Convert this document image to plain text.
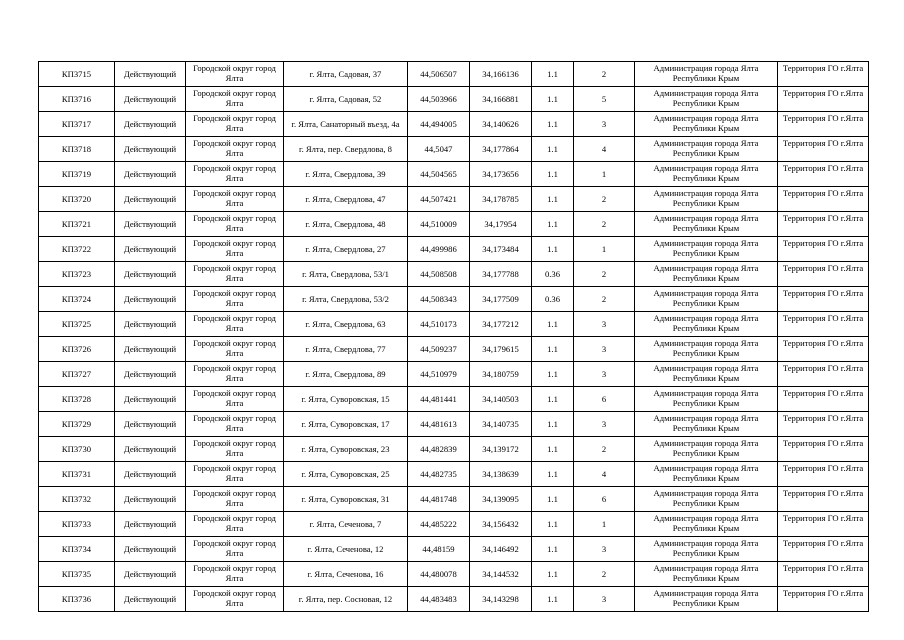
КП3715	Действующий	Городской округ город Ялта	г. Ялта, Садовая, 37	44,506507	34,166136	1.1	2	Администрация города Ялта Республики Крым	Территория ГО г.Ялта
КП3716	Действующий	Городской округ город Ялта	г. Ялта, Садовая, 52	44,503966	34,166881	1.1	5	Администрация города Ялта Республики Крым	Территория ГО г.Ялта
КП3717	Действующий	Городской округ город Ялта	г. Ялта, Санаторный въезд, 4а	44,494005	34,140626	1.1	3	Администрация города Ялта Республики Крым	Территория ГО г.Ялта
КП3718	Действующий	Городской округ город Ялта	г. Ялта, пер. Свердлова, 8	44,5047	34,177864	1.1	4	Администрация города Ялта Республики Крым	Территория ГО г.Ялта
КП3719	Действующий	Городской округ город Ялта	г. Ялта, Свердлова, 39	44,504565	34,173656	1.1	1	Администрация города Ялта Республики Крым	Территория ГО г.Ялта
КП3720	Действующий	Городской округ город Ялта	г. Ялта, Свердлова, 47	44,507421	34,178785	1.1	2	Администрация города Ялта Республики Крым	Территория ГО г.Ялта
КП3721	Действующий	Городской округ город Ялта	г. Ялта, Свердлова, 48	44,510009	34,17954	1.1	2	Администрация города Ялта Республики Крым	Территория ГО г.Ялта
КП3722	Действующий	Городской округ город Ялта	г. Ялта, Свердлова, 27	44,499986	34,173484	1.1	1	Администрация города Ялта Республики Крым	Территория ГО г.Ялта
КП3723	Действующий	Городской округ город Ялта	г. Ялта, Свердлова, 53/1	44,508508	34,177788	0.36	2	Администрация города Ялта Республики Крым	Территория ГО г.Ялта
КП3724	Действующий	Городской округ город Ялта	г. Ялта, Свердлова, 53/2	44,508343	34,177509	0.36	2	Администрация города Ялта Республики Крым	Территория ГО г.Ялта
КП3725	Действующий	Городской округ город Ялта	г. Ялта, Свердлова, 63	44,510173	34,177212	1.1	3	Администрация города Ялта Республики Крым	Территория ГО г.Ялта
КП3726	Действующий	Городской округ город Ялта	г. Ялта, Свердлова, 77	44,509237	34,179615	1.1	3	Администрация города Ялта Республики Крым	Территория ГО г.Ялта
КП3727	Действующий	Городской округ город Ялта	г. Ялта, Свердлова, 89	44,510979	34,180759	1.1	3	Администрация города Ялта Республики Крым	Территория ГО г.Ялта
КП3728	Действующий	Городской округ город Ялта	г. Ялта, Суворовская, 15	44,481441	34,140503	1.1	6	Администрация города Ялта Республики Крым	Территория ГО г.Ялта
КП3729	Действующий	Городской округ город Ялта	г. Ялта, Суворовская, 17	44,481613	34,140735	1.1	3	Администрация города Ялта Республики Крым	Территория ГО г.Ялта
КП3730	Действующий	Городской округ город Ялта	г. Ялта, Суворовская, 23	44,482839	34,139172	1.1	2	Администрация города Ялта Республики Крым	Территория ГО г.Ялта
КП3731	Действующий	Городской округ город Ялта	г. Ялта, Суворовская, 25	44,482735	34,138639	1.1	4	Администрация города Ялта Республики Крым	Территория ГО г.Ялта
КП3732	Действующий	Городской округ город Ялта	г. Ялта, Суворовская, 31	44,481748	34,139095	1.1	6	Администрация города Ялта Республики Крым	Территория ГО г.Ялта
КП3733	Действующий	Городской округ город Ялта	г. Ялта, Сеченова, 7	44,485222	34,156432	1.1	1	Администрация города Ялта Республики Крым	Территория ГО г.Ялта
КП3734	Действующий	Городской округ город Ялта	г. Ялта, Сеченова, 12	44,48159	34,146492	1.1	3	Администрация города Ялта Республики Крым	Территория ГО г.Ялта
КП3735	Действующий	Городской округ город Ялта	г. Ялта, Сеченова, 16	44,480078	34,144532	1.1	2	Администрация города Ялта Республики Крым	Территория ГО г.Ялта
КП3736	Действующий	Городской округ город Ялта	г. Ялта, пер. Сосновая, 12	44,483483	34,143298	1.1	3	Администрация города Ялта Республики Крым	Территория ГО г.Ялта
